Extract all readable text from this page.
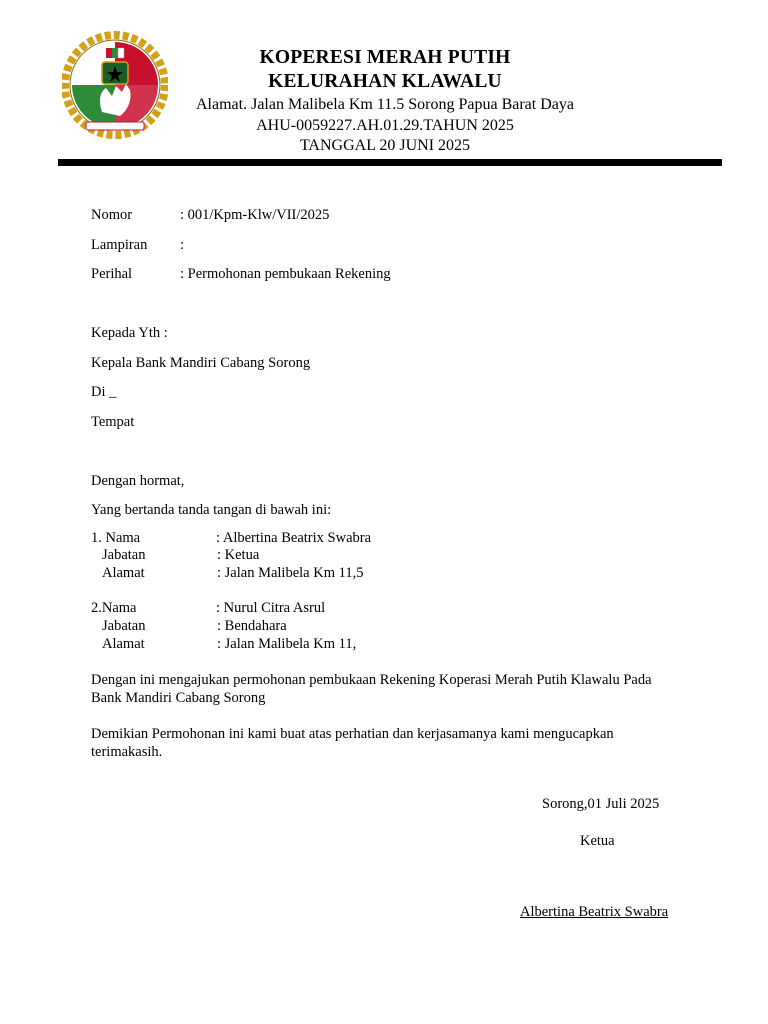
KOPERESI MERAH PUTIH
KELURAHAN KLAWALU
Alamat. Jalan Malibela Km 11.5 Sorong Papua Barat Daya
AHU-0059227.AH.01.29.TAHUN 2025
TANGGAL 20 JUNI 2025
Nomor	: 001/Kpm-Klw/VII/2025
Lampiran :
Perihal	: Permohonan pembukaan Rekening
Kepada Yth :
Kepala Bank Mandiri Cabang Sorong
Di _
Tempat
Dengan hormat,
Yang bertanda tanda tangan di bawah ini:
1. Nama	: Albertina Beatrix Swabra
Jabatan	: Ketua
Alamat	: Jalan Malibela Km 11,5
2.Nama	: Nurul Citra Asrul
Jabatan	: Bendahara
Alamat	: Jalan Malibela Km 11,
Dengan ini mengajukan permohonan pembukaan Rekening Koperasi Merah Putih Klawalu Pada Bank Mandiri Cabang Sorong
Demikian Permohonan ini kami buat atas perhatian dan kerjasamanya kami mengucapkan terimakasih.
Sorong,01 Juli 2025
Ketua
Albertina Beatrix Swabra
